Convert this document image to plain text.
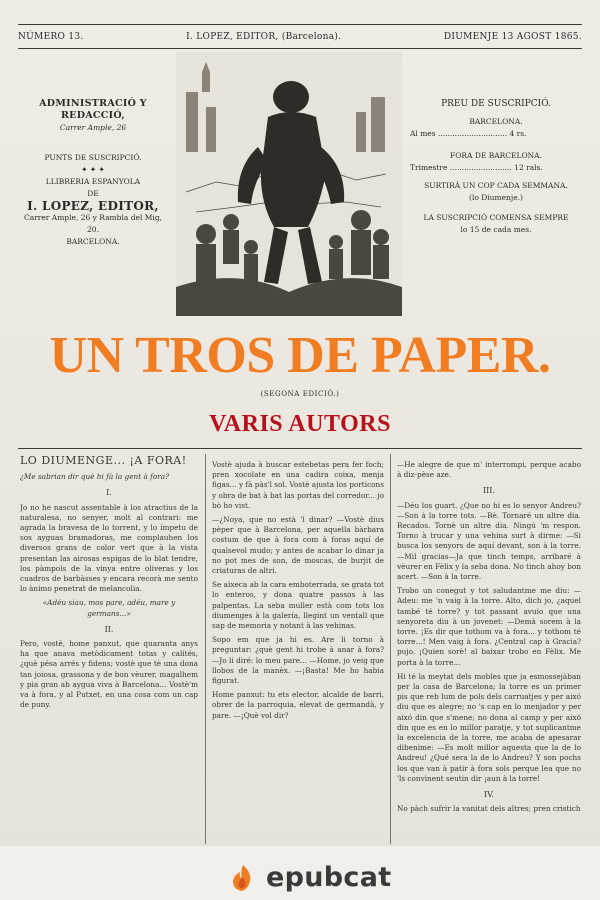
NÚMERO 13.	I. LOPEZ, EDITOR, (Barcelona).	DIUMENJE 13 AGOST 1865.
ADMINISTRACIÓ Y REDACCIÓ,
Carrer Ample, 26
PUNTS DE SUSCRIPCIÓ.
✦ ✦ ✦
LLIBRERIA ESPANYOLA
DE
I. LOPEZ, EDITOR,
Carrer Ample, 26 y Rambla del Mig, 20.
BARCELONA.
PREU DE SUSCRIPCIÓ.
BARCELONA.
Al mes ............................. 4 rs.
FORA DE BARCELONA.
Trimestre .......................... 12 rals.
SURTIRÁ UN COP CADA SEMMANA.
(lo Diumenje.)
LA SUSCRIPCIÓ COMENSA SEMPRE
lo 15 de cada mes.
UN TROS DE PAPER.
(SEGONA EDICIÓ.)
VARIS AUTORS
LO DIUMENGE... ¡A FORA!
¿Me sabrian dir què hi fà la gent à fora?
I.
Jo no he nascut assentable à los atractius de la naturalesa, no senyer, molt al contrari: me agrada la bravesa de lo torrent, y lo ímpetu de sos ayguas bramadoras, me complauhen los diversos grans de color vert que à la vista presentan las airosas espigas de lo blat tendre, los pàmpols de la vinya entre oliveras y los cuadros de barbàsses y encara recorà me sento lo ànimo penetrat de melancolia.
«Adéu siau, mos pare, adéu, mare y germans...»
II.
Pero, vostè, home panxut, que quaranta anys ha que anava metòdicament totas y calités, ¿què pésa arrés y fidens; vostè que tè una dona tan joiosa, grassona y de bon vèurer, magalhem y pia gran ab aygua viva à Barcelona... Vostè'm va à fora, y al Putxet, en una cosa com un cap de puny.
Vostè ajuda à buscar estebetas pera fer foch; pren xocolate en una cadira coixa, menja figas... y fà pàs'l sol. Vostè ajusta los porticons y obra de bat à bat las portas del corredor... jo bò ho vist.
—¿Noya, que no està 'l dinar? —Vostè dius pèper que à Barcelona, per aquella bàrbara costum de que à fora com à foras aquí de qualsevol mudo; y antes de acabar lo dinar ja no pot mes de son, de moscas, de burjit de criaturas de altri.
Se aixeca ab la cara emboterrada, se grata tot lo enteros, y dona quatre passos à las palpentas. La seba muller està com tots los diumenges à la galería, llegint un ventall que sap de memoria y notant à las vehinas.
Sopo em que ja hi es. Are li torno à preguntar: ¿què gent hi trobe à anar à fora? —Jo li diré: lo meu pare... —Home, jo veig que llobos de la manèx. —¡Basta! Me ho habia figurat.
Home panxut: tu ets elector, alcalde de barri, obrer de la parroquia, elevat de germandà, y pare. —¡Què vol dir?
—He alegre de que m' interrompi, perque acabo à diz-pèse aze.
III.
—Déu los guart. ¿Que no hi es lo senyor Andreu? —Son à la torre tots. —Bè. Tornaré un altre dia. Recados. Tornè un altre dia. Ningú 'm respon. Torno à trucar y una vehina surt à dirme: —Si busca los senyors de aquí devant, son à la torre. —Mil gracias—Ja que tinch temps, arribaré à vèurer en Fèlix y la seba dona. No tinch ahoy bon acert. —Son à la torre.
Trobo un conegut y tot saludantme me diu: —Adeu: me 'n vaig à la torre. Alto, dich jo, ¿aquel també té torre? y tot passant avuio que una senyoreta diu à un jovenet: —Demà sorem à la torre. ¡Es dir que tothom va à fora... y tothom té torre...! Men vaig à fora. ¿Central cap à Gracia? pujo. ¡Quien sorè! al baixar trobo en Fèlix. Me porta à la torre...
Hi té la meytat dels mobles que ja esmossejàban per la casa de Barcelona; la torre es un primer pis que reb lum de pols dels carruatjes y per aixó diu que es alegre; no 's cap en lo menjador y per aixó din que s'mene; no dona al camp y per aixó din que es en lo millor paratje, y tot suplicantme la excelencia de la torre, me acaba de apesarar dibenime: —Es molt millor aquesta que la de lo Andreu! ¿Qué sera la de lo Andreu? Y son pochs los que van à patir à fora sols perque lea que no 'ls convinent seutin dir ¡aun à la torre!
IV.
No pàch sufrir la vanitat dels altres; pren cristich
epubcat
